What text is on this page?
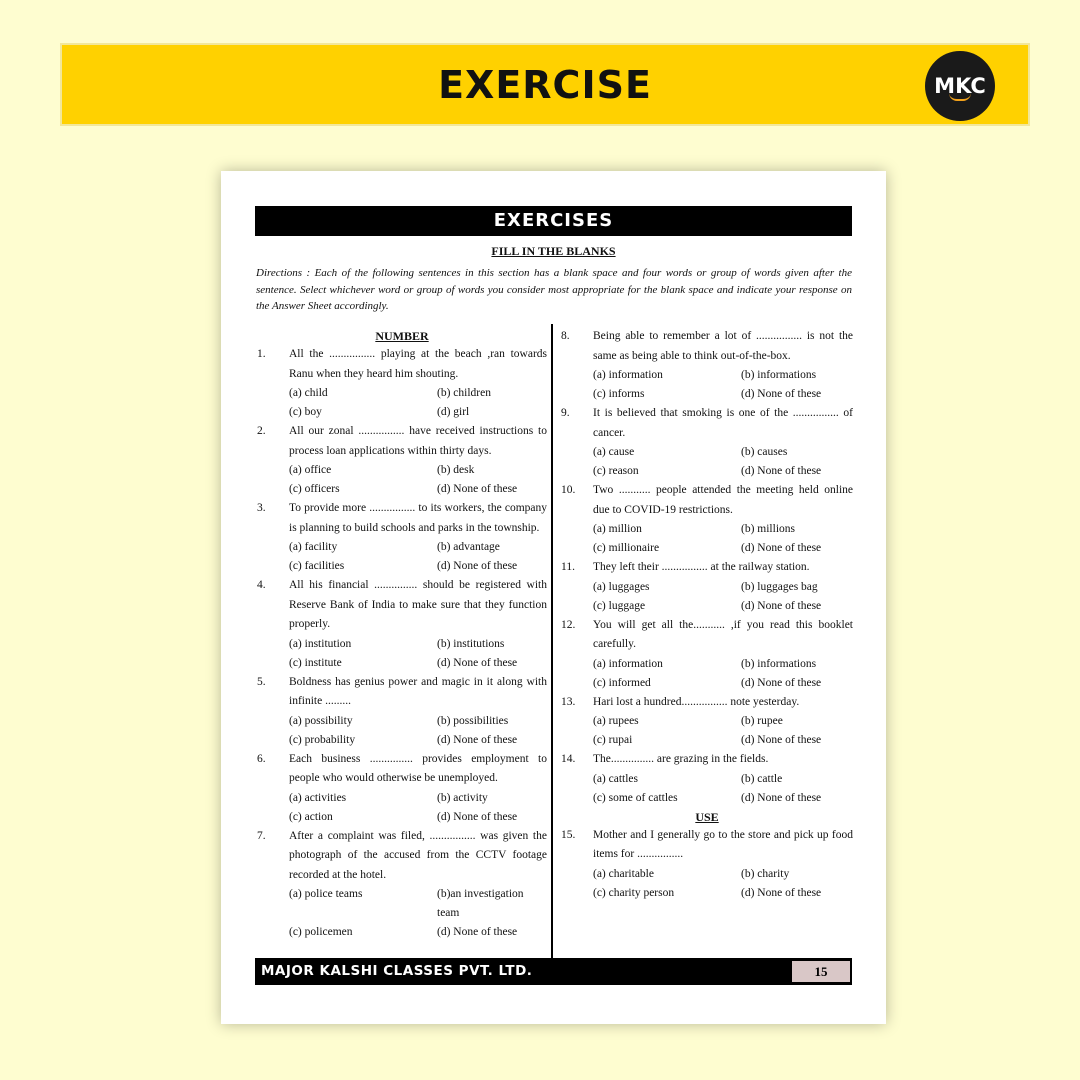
EXERCISE	MKC
EXERCISES
FILL IN THE BLANKS
Directions : Each of the following sentences in this section has a blank space and four words or group of words given after the sentence. Select whichever word or group of words you consider most appropriate for the blank space and indicate your response on the Answer Sheet accordingly.
NUMBER
1.	All the ................ playing at the beach ,ran towards Ranu when they heard him shouting.
(a) child	(b) children
(c) boy	(d) girl
2.	All our zonal ................ have received instructions to process loan applications within thirty days.
(a) office	(b) desk
(c) officers	(d) None of these
3.	To provide more ................ to its workers, the company is planning to build schools and parks in the township.
(a) facility	(b) advantage
(c) facilities	(d) None of these
4.	All his financial ............... should be registered with Reserve Bank of India to make sure that they function properly.
(a) institution	(b) institutions
(c) institute	(d) None of these
5.	Boldness has genius power and magic in it along with infinite .........
(a) possibility	(b) possibilities
(c) probability	(d) None of these
6.	Each business ............... provides employment to people who would otherwise be unemployed.
(a) activities	(b) activity
(c) action	(d) None of these
7.	After a complaint was filed, ................ was given the photograph of the accused from the CCTV footage recorded at the hotel.
(a) police teams	(b)an investigation team
(c) policemen	(d) None of these
8.	Being able to remember a lot of ................ is not the same as being able to think out-of-the-box.
(a) information	(b) informations
(c) informs	(d) None of these
9.	It is believed that smoking is one of the ................ of cancer.
(a) cause	(b) causes
(c) reason	(d) None of these
10.	Two ........... people attended the meeting held online due to COVID-19 restrictions.
(a) million	(b) millions
(c) millionaire	(d) None of these
11.	They left their ................ at the railway station.
(a) luggages	(b) luggages bag
(c) luggage	(d) None of these
12.	You will get all the........... ,if you read this booklet carefully.
(a) information	(b) informations
(c) informed	(d) None of these
13.	Hari lost a hundred................ note yesterday.
(a) rupees	(b) rupee
(c) rupai	(d) None of these
14.	The............... are grazing in the fields.
(a) cattles	(b) cattle
(c) some of cattles	(d) None of these
USE
15.	Mother and I generally go to the store and pick up food items for ................
(a) charitable	(b) charity
(c) charity person	(d) None of these
MAJOR KALSHI CLASSES PVT. LTD.	15
